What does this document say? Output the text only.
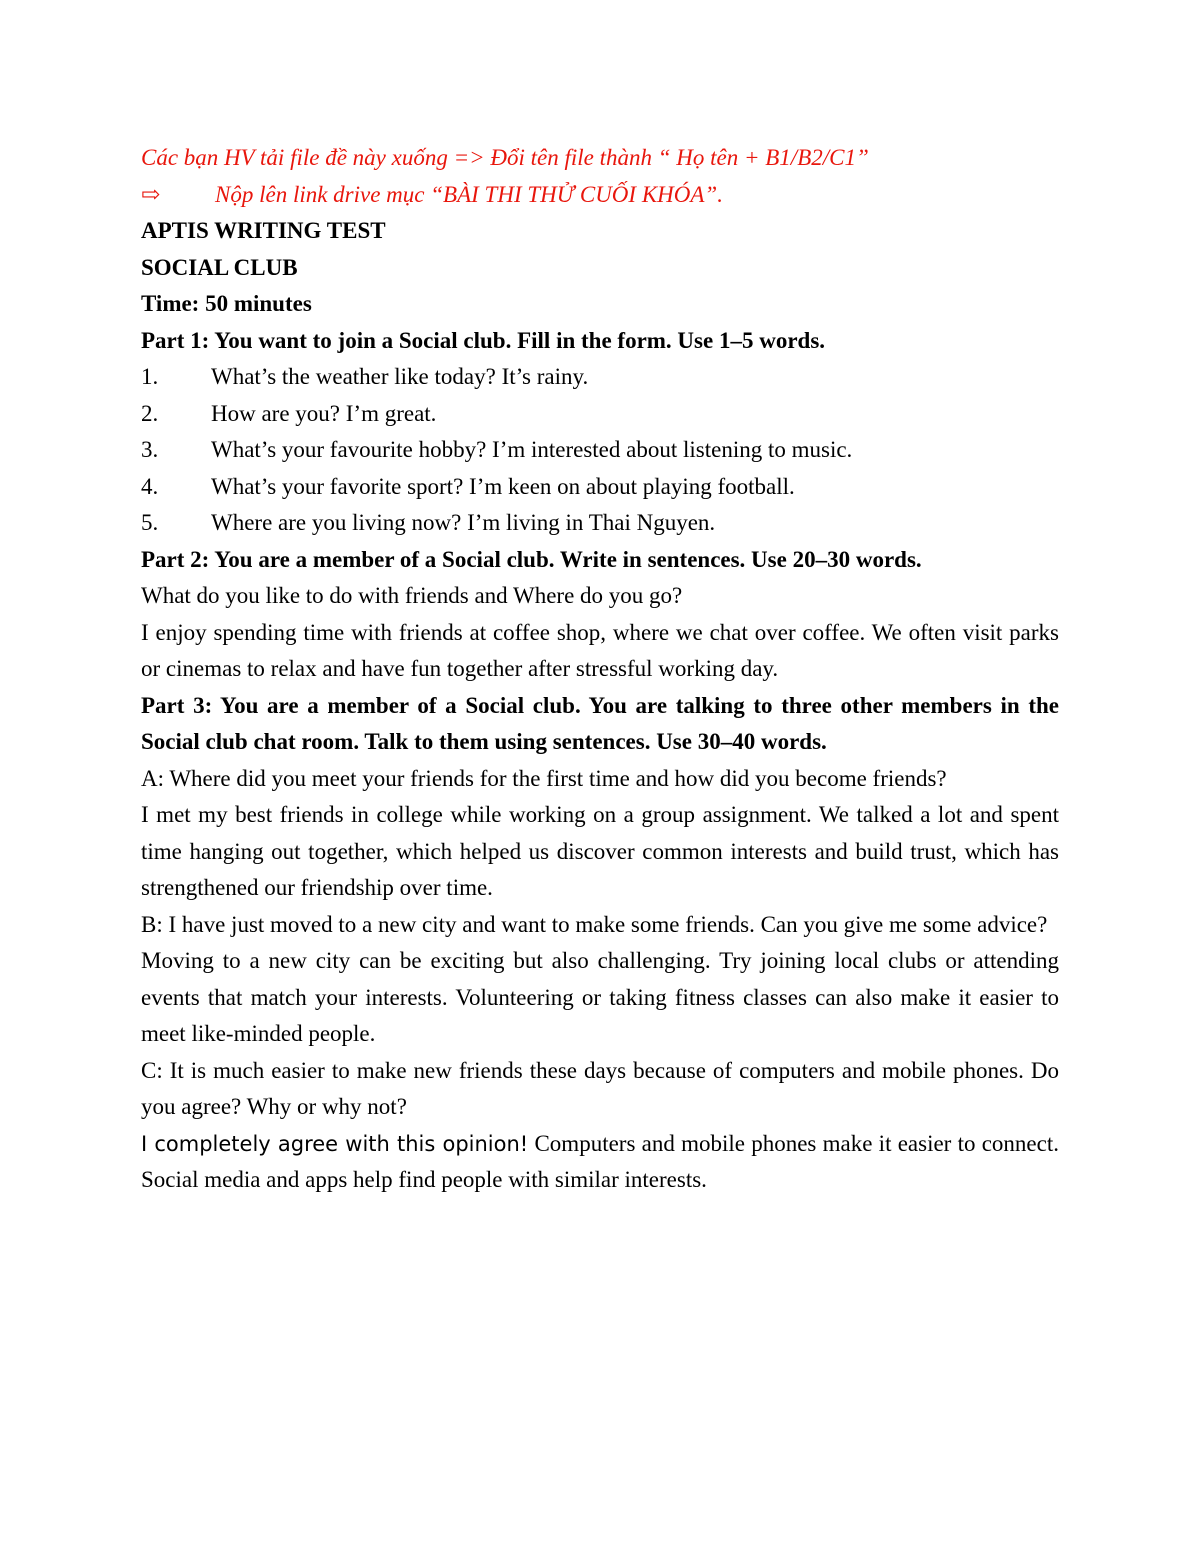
Các bạn HV tải file đề này xuống => Đổi tên file thành “ Họ tên + B1/B2/C1”

⇨ Nộp lên link drive mục “BÀI THI THỬ CUỐI KHÓA”.

APTIS WRITING TEST

SOCIAL CLUB

Time: 50 minutes

Part 1: You want to join a Social club. Fill in the form. Use 1–5 words.

1. What’s the weather like today? It’s rainy.
2. How are you? I’m great.
3. What’s your favourite hobby? I’m interested about listening to music.
4. What’s your favorite sport? I’m keen on about playing football.
5. Where are you living now? I’m living in Thai Nguyen.

Part 2: You are a member of a Social club. Write in sentences. Use 20–30 words.

What do you like to do with friends and Where do you go?

I enjoy spending time with friends at coffee shop, where we chat over coffee. We often visit parks or cinemas to relax and have fun together after stressful working day.

Part 3: You are a member of a Social club. You are talking to three other members in the Social club chat room. Talk to them using sentences. Use 30–40 words.

A: Where did you meet your friends for the first time and how did you become friends?

I met my best friends in college while working on a group assignment. We talked a lot and spent time hanging out together, which helped us discover common interests and build trust, which has strengthened our friendship over time.

B: I have just moved to a new city and want to make some friends. Can you give me some advice?

Moving to a new city can be exciting but also challenging. Try joining local clubs or attending events that match your interests. Volunteering or taking fitness classes can also make it easier to meet like-minded people.

C: It is much easier to make new friends these days because of computers and mobile phones. Do you agree? Why or why not?

I completely agree with this opinion! Computers and mobile phones make it easier to connect. Social media and apps help find people with similar interests.
